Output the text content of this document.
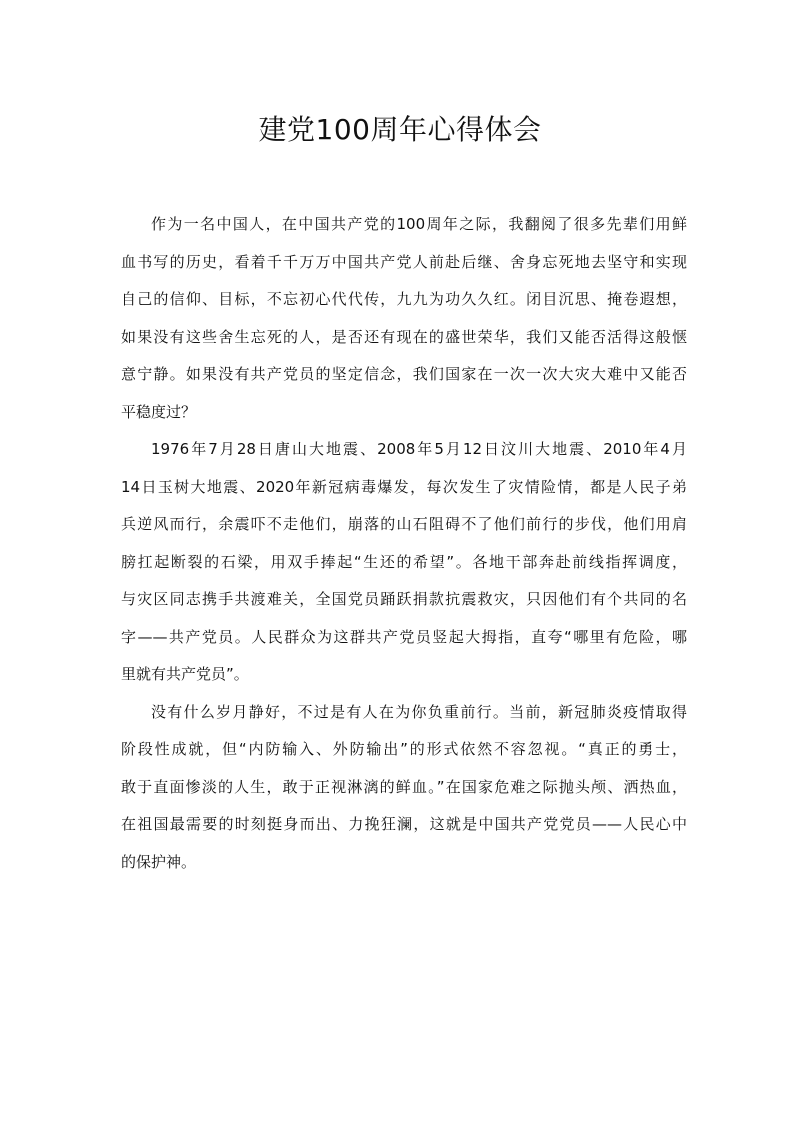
建党100周年心得体会
作为一名中国人，在中国共产党的100周年之际，我翻阅了很多先辈们用鲜
血书写的历史，看着千千万万中国共产党人前赴后继、舍身忘死地去坚守和实现
自己的信仰、目标，不忘初心代代传，九九为功久久红。闭目沉思、掩卷遐想，
如果没有这些舍生忘死的人，是否还有现在的盛世荣华，我们又能否活得这般惬
意宁静。如果没有共产党员的坚定信念，我们国家在一次一次大灾大难中又能否
平稳度过？
1976年7月28日唐山大地震、2008年5月12日汶川大地震、2010年4月
14日玉树大地震、2020年新冠病毒爆发，每次发生了灾情险情，都是人民子弟
兵逆风而行，余震吓不走他们，崩落的山石阻碍不了他们前行的步伐，他们用肩
膀扛起断裂的石梁，用双手捧起“生还的希望”。各地干部奔赴前线指挥调度，
与灾区同志携手共渡难关，全国党员踊跃捐款抗震救灾，只因他们有个共同的名
字——共产党员。人民群众为这群共产党员竖起大拇指，直夸“哪里有危险，哪
里就有共产党员”。
没有什么岁月静好，不过是有人在为你负重前行。当前，新冠肺炎疫情取得
阶段性成就，但“内防输入、外防输出”的形式依然不容忽视。“真正的勇士，
敢于直面惨淡的人生，敢于正视淋漓的鲜血。”在国家危难之际抛头颅、洒热血，
在祖国最需要的时刻挺身而出、力挽狂澜，这就是中国共产党党员——人民心中
的保护神。
